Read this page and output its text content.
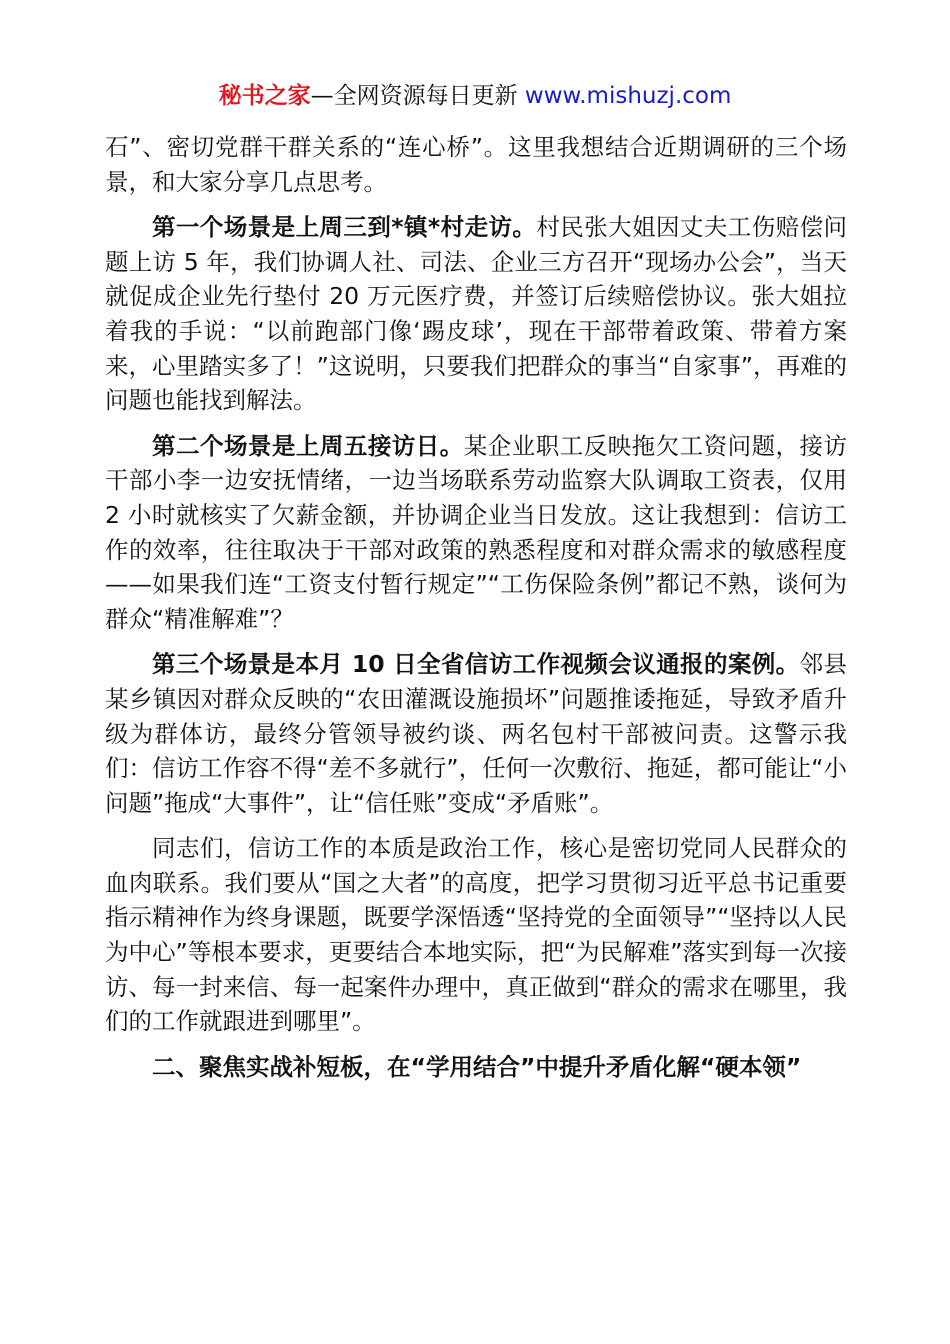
秘书之家—全网资源每日更新 www.mishuzj.com

石”、密切党群干群关系的“连心桥”。这里我想结合近期调研的三个场景，和大家分享几点思考。

第一个场景是上周三到*镇*村走访。村民张大姐因丈夫工伤赔偿问题上访 5 年，我们协调人社、司法、企业三方召开“现场办公会”，当天就促成企业先行垫付 20 万元医疗费，并签订后续赔偿协议。张大姐拉着我的手说：“以前跑部门像‘踢皮球’，现在干部带着政策、带着方案来，心里踏实多了！”这说明，只要我们把群众的事当“自家事”，再难的问题也能找到解法。

第二个场景是上周五接访日。某企业职工反映拖欠工资问题，接访干部小李一边安抚情绪，一边当场联系劳动监察大队调取工资表，仅用 2 小时就核实了欠薪金额，并协调企业当日发放。这让我想到：信访工作的效率，往往取决于干部对政策的熟悉程度和对群众需求的敏感程度——如果我们连“工资支付暂行规定”“工伤保险条例”都记不熟，谈何为群众“精准解难”？

第三个场景是本月 10 日全省信访工作视频会议通报的案例。邻县某乡镇因对群众反映的“农田灌溉设施损坏”问题推诿拖延，导致矛盾升级为群体访，最终分管领导被约谈、两名包村干部被问责。这警示我们：信访工作容不得“差不多就行”，任何一次敷衍、拖延，都可能让“小问题”拖成“大事件”，让“信任账”变成“矛盾账”。

同志们，信访工作的本质是政治工作，核心是密切党同人民群众的血肉联系。我们要从“国之大者”的高度，把学习贯彻习近平总书记重要指示精神作为终身课题，既要学深悟透“坚持党的全面领导”“坚持以人民为中心”等根本要求，更要结合本地实际，把“为民解难”落实到每一次接访、每一封来信、每一起案件办理中，真正做到“群众的需求在哪里，我们的工作就跟进到哪里”。

二、聚焦实战补短板，在“学用结合”中提升矛盾化解“硬本领”
